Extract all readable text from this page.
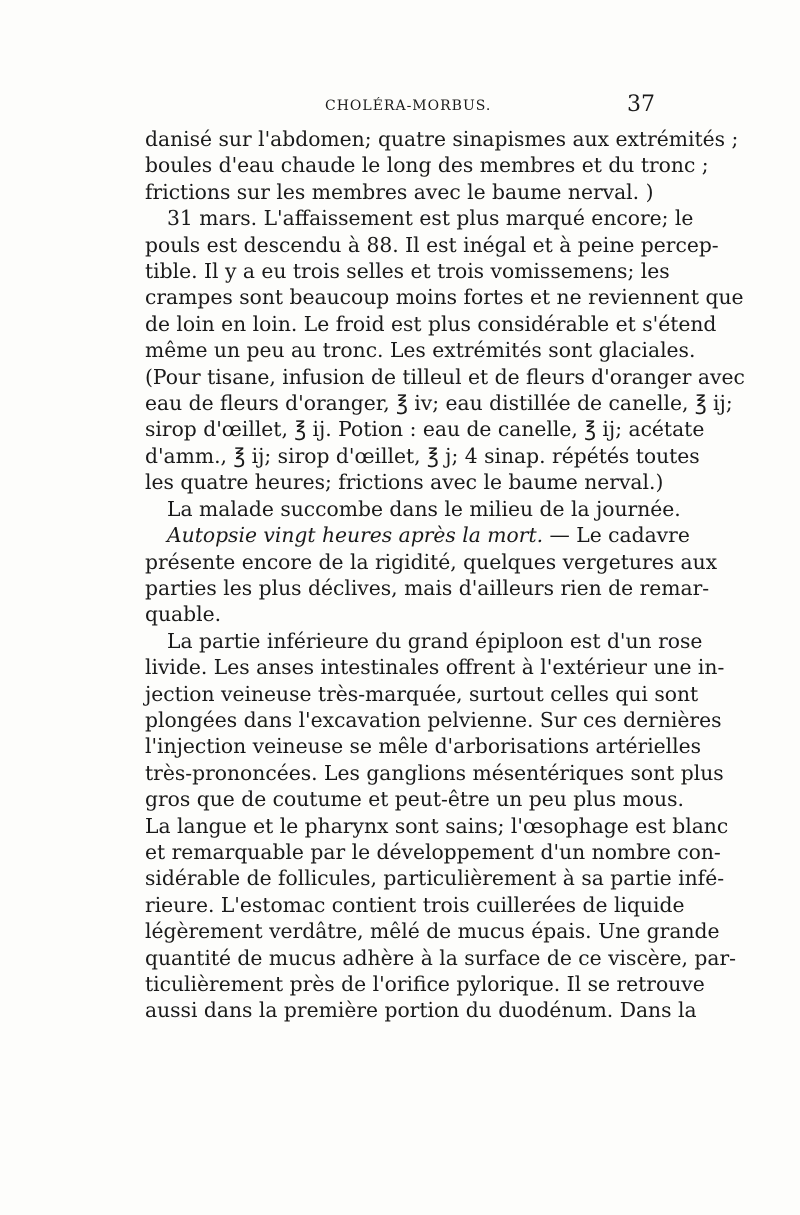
CHOLÉRA-MORBUS.	37
danisé sur l'abdomen; quatre sinapismes aux extrémités ;
boules d'eau chaude le long des membres et du tronc ;
frictions sur les membres avec le baume nerval. )
31 mars. L'affaissement est plus marqué encore; le
pouls est descendu à 88. Il est inégal et à peine percep-
tible. Il y a eu trois selles et trois vomissemens; les
crampes sont beaucoup moins fortes et ne reviennent que
de loin en loin. Le froid est plus considérable et s'étend
même un peu au tronc. Les extrémités sont glaciales.
(Pour tisane, infusion de tilleul et de fleurs d'oranger avec
eau de fleurs d'oranger, ℥ iv; eau distillée de canelle, ℥ ij;
sirop d'œillet, ℥ ij. Potion : eau de canelle, ℥ ij; acétate
d'amm., ℥ ij; sirop d'œillet, ℥ j; 4 sinap. répétés toutes
les quatre heures; frictions avec le baume nerval.)
La malade succombe dans le milieu de la journée.
Autopsie vingt heures après la mort. — Le cadavre
présente encore de la rigidité, quelques vergetures aux
parties les plus déclives, mais d'ailleurs rien de remar-
quable.
La partie inférieure du grand épiploon est d'un rose
livide. Les anses intestinales offrent à l'extérieur une in-
jection veineuse très-marquée, surtout celles qui sont
plongées dans l'excavation pelvienne. Sur ces dernières
l'injection veineuse se mêle d'arborisations artérielles
très-prononcées. Les ganglions mésentériques sont plus
gros que de coutume et peut-être un peu plus mous.
La langue et le pharynx sont sains; l'œsophage est blanc
et remarquable par le développement d'un nombre con-
sidérable de follicules, particulièrement à sa partie infé-
rieure. L'estomac contient trois cuillerées de liquide
légèrement verdâtre, mêlé de mucus épais. Une grande
quantité de mucus adhère à la surface de ce viscère, par-
ticulièrement près de l'orifice pylorique. Il se retrouve
aussi dans la première portion du duodénum. Dans la
